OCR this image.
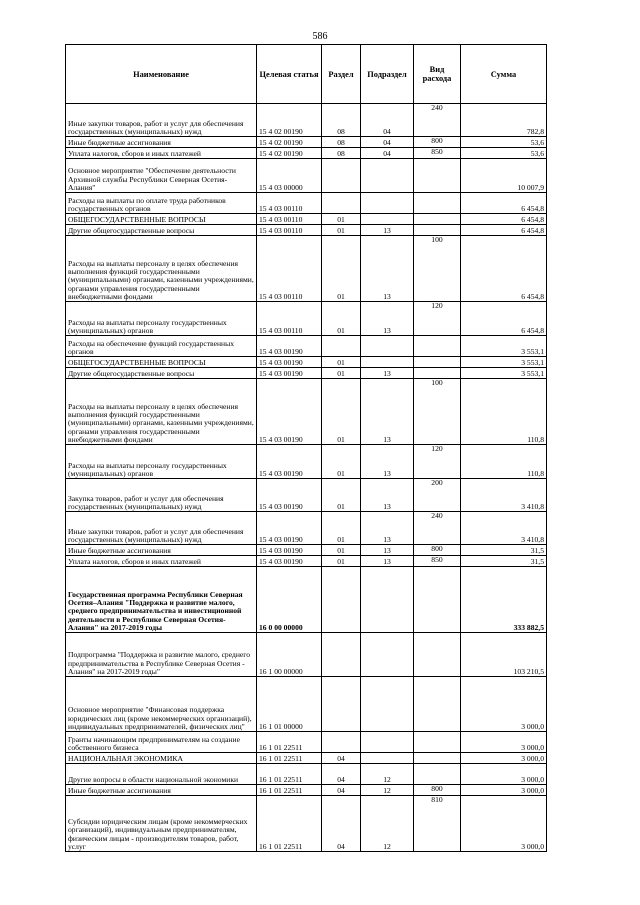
586
Наименование	Целевая статья	Раздел	Подраздел	Вид расхода	Сумма
Иные закупки товаров, работ и услуг для обеспечения государственных (муниципальных) нужд	15 4 02 00190	08	04	240	782,8
Иные бюджетные ассигнования	15 4 02 00190	08	04	800	53,6
Уплата налогов, сборов и иных платежей	15 4 02 00190	08	04	850	53,6
Основное мероприятие "Обеспечение деятельности Архивной службы Республики Северная Осетия-Алания"	15 4 03 00000				10 007,9
Расходы на выплаты по оплате труда работников государственных органов	15 4 03 00110				6 454,8
ОБЩЕГОСУДАРСТВЕННЫЕ ВОПРОСЫ	15 4 03 00110	01			6 454,8
Другие общегосударственные вопросы	15 4 03 00110	01	13		6 454,8
Расходы на выплаты персоналу в целях обеспечения выполнения функций государственными (муниципальными) органами, казенными учреждениями, органами управления государственными внебюджетными фондами	15 4 03 00110	01	13	100	6 454,8
Расходы на выплаты персоналу государственных (муниципальных) органов	15 4 03 00110	01	13	120	6 454,8
Расходы на обеспечение функций государственных органов	15 4 03 00190				3 553,1
ОБЩЕГОСУДАРСТВЕННЫЕ ВОПРОСЫ	15 4 03 00190	01			3 553,1
Другие общегосударственные вопросы	15 4 03 00190	01	13		3 553,1
Расходы на выплаты персоналу в целях обеспечения выполнения функций государственными (муниципальными) органами, казенными учреждениями, органами управления государственными внебюджетными фондами	15 4 03 00190	01	13	100	110,8
Расходы на выплаты персоналу государственных (муниципальных) органов	15 4 03 00190	01	13	120	110,8
Закупка товаров, работ и услуг для обеспечения государственных (муниципальных) нужд	15 4 03 00190	01	13	200	3 410,8
Иные закупки товаров, работ и услуг для обеспечения государственных (муниципальных) нужд	15 4 03 00190	01	13	240	3 410,8
Иные бюджетные ассигнования	15 4 03 00190	01	13	800	31,5
Уплата налогов, сборов и иных платежей	15 4 03 00190	01	13	850	31,5
Государственная программа Республики Северная Осетия–Алания "Поддержка и развитие малого, среднего предпринимательства и инвестиционной деятельности в Республике Северная Осетия-Алания" на 2017-2019 годы	16 0 00 00000				333 882,5
Подпрограмма "Поддержка и развитие малого, среднего предпринимательства в Республике Северная Осетия - Алания" на 2017-2019 годы"	16 1 00 00000				103 210,5
Основное мероприятие "Финансовая поддержка юридических лиц (кроме некоммерческих организаций), индивидуальных предпринимателей, физических лиц"	16 1 01 00000				3 000,0
Гранты начинающим предпринимателям на создание собственного бизнеса	16 1 01 22511				3 000,0
НАЦИОНАЛЬНАЯ ЭКОНОМИКА	16 1 01 22511	04			3 000,0
Другие вопросы в области национальной экономики	16 1 01 22511	04	12		3 000,0
Иные бюджетные ассигнования	16 1 01 22511	04	12	800	3 000,0
Субсидии юридическим лицам (кроме некоммерческих организаций), индивидуальным предпринимателям, физическим лицам - производителям товаров, работ, услуг	16 1 01 22511	04	12	810	3 000,0
